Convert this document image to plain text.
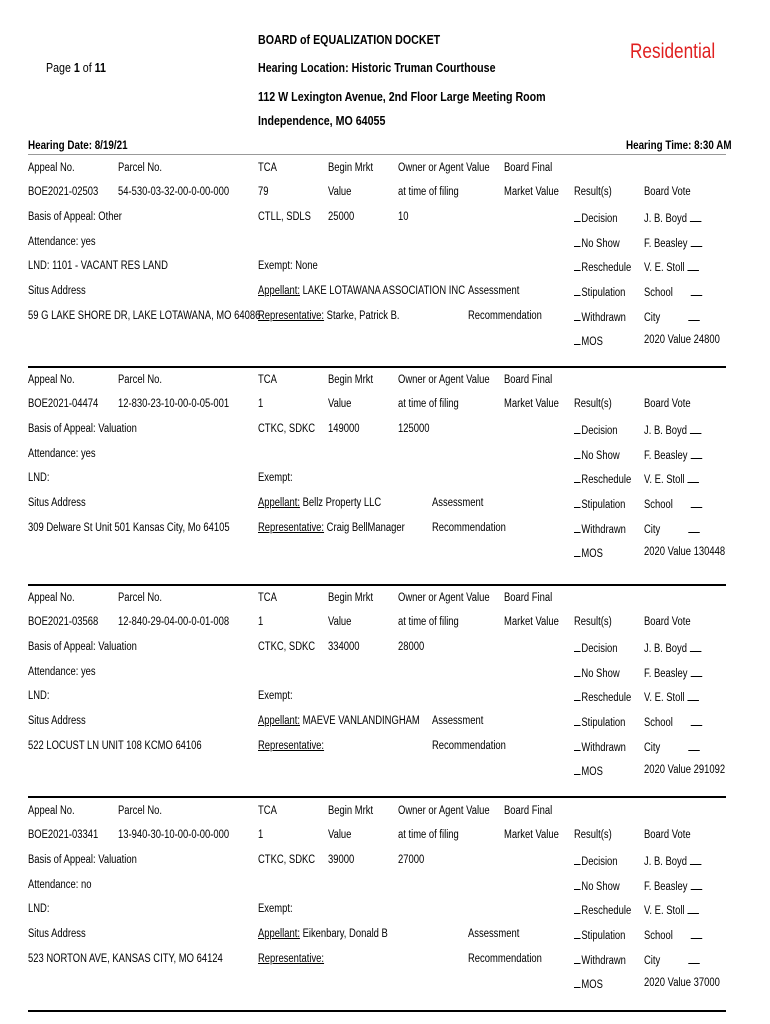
Page 1 of 11
BOARD of EQUALIZATION DOCKET
Hearing Location: Historic Truman Courthouse
112 W Lexington Avenue, 2nd Floor Large Meeting Room
Independence, MO 64055
Residential
Hearing Date: 8/19/21	Hearing Time: 8:30 AM
Appeal No.	Parcel No.	TCA	Begin Mrkt	Owner or Agent Value	Board Final
BOE2021-02503	54-530-03-32-00-0-00-000	79	Value	at time of filing	Market Value	Result(s)	Board Vote
Basis of Appeal: Other	CTLL, SDLS	25000	10	Decision	J. B. Boyd
Attendance: yes	No Show	F. Beasley
LND: 1101 - VACANT RES LAND	Exempt: None	Reschedule	V. E. Stoll
Situs Address	Appellant: LAKE LOTAWANA ASSOCIATION INC Assessment	Stipulation	School
59 G LAKE SHORE DR, LAKE LOTAWANA, MO 64086
Representative: Starke, Patrick B.	Recommendation	Withdrawn	City
MOS	2020 Value 24800
Appeal No.	Parcel No.	TCA	Begin Mrkt	Owner or Agent Value	Board Final
BOE2021-04474	12-830-23-10-00-0-05-001	1	Value	at time of filing	Market Value	Result(s)	Board Vote
Basis of Appeal: Valuation	CTKC, SDKC	149000	125000	Decision	J. B. Boyd
Attendance: yes	No Show	F. Beasley
LND:	Exempt:	Reschedule	V. E. Stoll
Situs Address	Appellant: Bellz Property LLC	Assessment	Stipulation	School
309 Delware St Unit 501 Kansas City, Mo 64105	Representative: Craig BellManager	Recommendation	Withdrawn	City
MOS	2020 Value 130448
Appeal No.	Parcel No.	TCA	Begin Mrkt	Owner or Agent Value	Board Final
BOE2021-03568	12-840-29-04-00-0-01-008	1	Value	at time of filing	Market Value	Result(s)	Board Vote
Basis of Appeal: Valuation	CTKC, SDKC	334000	28000	Decision	J. B. Boyd
Attendance: yes	No Show	F. Beasley
LND:	Exempt:	Reschedule	V. E. Stoll
Situs Address	Appellant: MAEVE VANLANDINGHAM	Assessment	Stipulation	School
522 LOCUST LN UNIT 108 KCMO 64106	Representative:	Recommendation	Withdrawn	City
MOS	2020 Value 291092
Appeal No.	Parcel No.	TCA	Begin Mrkt	Owner or Agent Value	Board Final
BOE2021-03341	13-940-30-10-00-0-00-000	1	Value	at time of filing	Market Value	Result(s)	Board Vote
Basis of Appeal: Valuation	CTKC, SDKC	39000	27000	Decision	J. B. Boyd
Attendance: no	No Show	F. Beasley
LND:	Exempt:	Reschedule	V. E. Stoll
Situs Address	Appellant: Eikenbary, Donald B	Assessment	Stipulation	School
523 NORTON AVE, KANSAS CITY, MO 64124	Representative:	Recommendation	Withdrawn	City
MOS	2020 Value 37000
